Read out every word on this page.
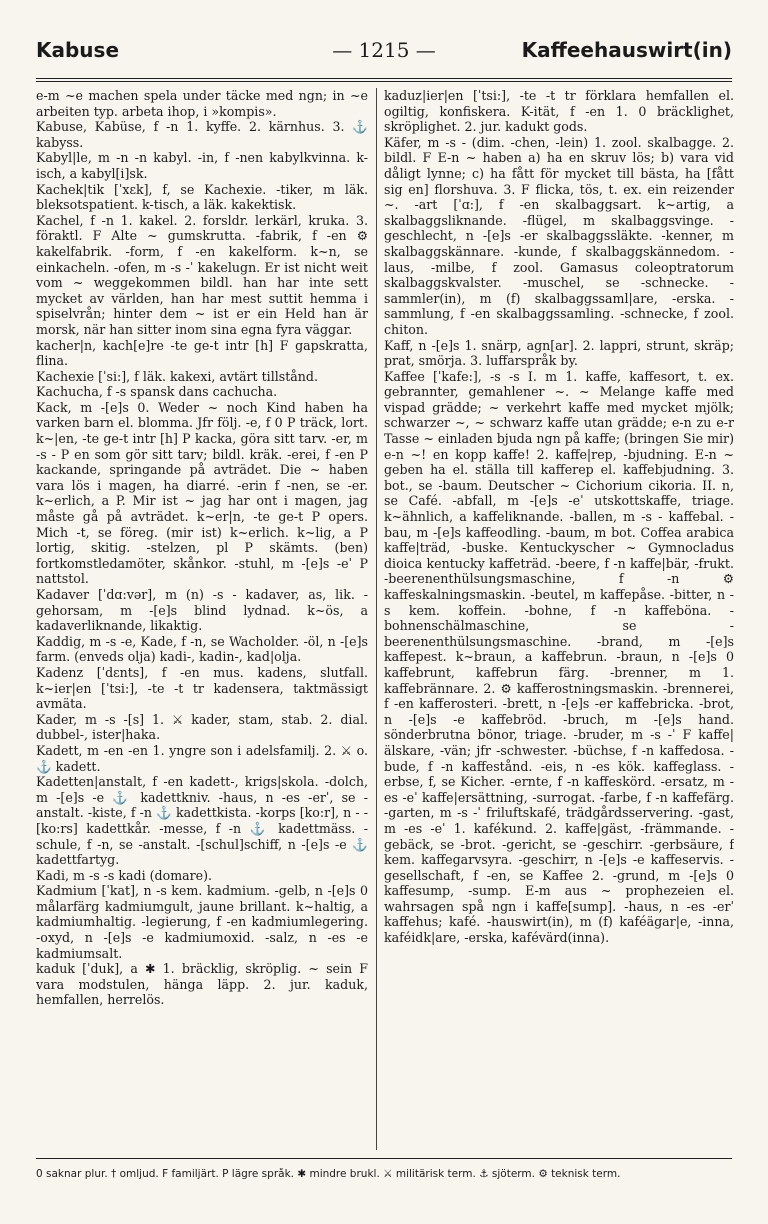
Kabuse	— 1215 —	Kaffeehauswirt(in)

e-m ~e machen spela under täcke med ngn; in ~e arbeiten typ. arbeta ihop, i »kompis».

Kabuse, Kabüse, f -n 1. kyffe. 2. kärnhus. 3. ⚓ kabyss.

Kabyl|le, m -n -n kabyl. -in, f -nen kabylkvinna. k-isch, a kabyl[i]sk.

Kachek|tik [ˈxɛk], f, se Kachexie. -tiker, m läk. bleksotspatient. k-tisch, a läk. kakektisk.

Kachel, f -n 1. kakel. 2. forsldr. lerkärl, kruka. 3. föraktl. F Alte ~ gumskrutta. -fabrik, f -en ⚙ kakelfabrik. -form, f -en kakelform. k~n, se einkacheln. -ofen, m -s -ˈ kakelugn. Er ist nicht weit vom ~ weggekommen bildl. han har inte sett mycket av världen, han har mest suttit hemma i spiselvrån; hinter dem ~ ist er ein Held han är morsk, när han sitter inom sina egna fyra väggar.

kacher|n, kach[e]re -te ge-t intr [h] F gapskratta, flina.

Kachexie [ˈsi:], f läk. kakexi, avtärt tillstånd.

Kachucha, f -s spansk dans cachucha.

Kack, m -[e]s 0. Weder ~ noch Kind haben ha varken barn el. blomma. Jfr följ. -e, f 0 P träck, lort. k~|en, -te ge-t intr [h] P kacka, göra sitt tarv. -er, m -s - P en som gör sitt tarv; bildl. kräk. -erei, f -en P kackande, springande på avträdet. Die ~ haben vara lös i magen, ha diarré. -erin f -nen, se -er. k~erlich, a P. Mir ist ~ jag har ont i magen, jag måste gå på avträdet. k~er|n, -te ge-t P opers. Mich -t, se föreg. (mir ist) k~erlich. k~lig, a P lortig, skitig. -stelzen, pl P skämts. (ben) fortkomstledamöter, skånkor. -stuhl, m -[e]s -eˈ P nattstol.

Kadaver [ˈdɑ:vər], m (n) -s - kadaver, as, lik. -gehorsam, m -[e]s blind lydnad. k~ös, a kadaverliknande, likaktig.

Kaddig, m -s -e, Kade, f -n, se Wacholder. -öl, n -[e]s farm. (enveds olja) kadi-, kadin-, kad|olja.

Kadenz [ˈdɛnts], f -en mus. kadens, slutfall. k~ier|en [ˈtsi:], -te -t tr kadensera, taktmässigt avmäta.

Kader, m -s -[s] 1. ⚔ kader, stam, stab. 2. dial. dubbel-, ister|haka.

Kadett, m -en -en 1. yngre son i adelsfamilj. 2. ⚔ o. ⚓ kadett.

Kadetten|anstalt, f -en kadett-, krigs|skola. -dolch, m -[e]s -e ⚓ kadettkniv. -haus, n -es -erˈ, se -anstalt. -kiste, f -n ⚓ kadettkista. -korps [ko:r], n - - [ko:rs] kadettkår. -messe, f -n ⚓ kadettmäss. -schule, f -n, se -anstalt. -[schul]schiff, n -[e]s -e ⚓ kadettfartyg.

Kadi, m -s -s kadi (domare).

Kadmium [ˈkat], n -s kem. kadmium. -gelb, n -[e]s 0 målarfärg kadmiumgult, jaune brillant. k~haltig, a kadmiumhaltig. -legierung, f -en kadmiumlegering. -oxyd, n -[e]s -e kadmiumoxid. -salz, n -es -e kadmiumsalt.

kaduk [ˈduk], a ✱ 1. bräcklig, skröplig. ~ sein F vara modstulen, hänga läpp. 2. jur. kaduk, hemfallen, herrelös.

kaduz|ier|en [ˈtsi:], -te -t tr förklara hemfallen el. ogiltig, konfiskera. K-ität, f -en 1. 0 bräcklighet, skröplighet. 2. jur. kadukt gods.

Käfer, m -s - (dim. -chen, -lein) 1. zool. skalbagge. 2. bildl. F E-n ~ haben a) ha en skruv lös; b) vara vid dåligt lynne; c) ha fått för mycket till bästa, ha [fått sig en] florshuva. 3. F flicka, tös, t. ex. ein reizender ~. -art [ˈɑ:], f -en skalbaggsart. k~artig, a skalbaggsliknande. -flügel, m skalbaggsvinge. -geschlecht, n -[e]s -er skalbaggssläkte. -kenner, m skalbaggskännare. -kunde, f skalbaggskännedom. -laus, -milbe, f zool. Gamasus coleoptratorum skalbaggskvalster. -muschel, se -schnecke. -sammler(in), m (f) skalbaggssaml|are, -erska. -sammlung, f -en skalbaggssamling. -schnecke, f zool. chiton.

Kaff, n -[e]s 1. snärp, agn[ar]. 2. lappri, strunt, skräp; prat, smörja. 3. luffarspråk by.

Kaffee [ˈkafe:], -s -s I. m 1. kaffe, kaffesort, t. ex. gebrannter, gemahlener ~. ~ Melange kaffe med vispad grädde; ~ verkehrt kaffe med mycket mjölk; schwarzer ~, ~ schwarz kaffe utan grädde; e-n zu e-r Tasse ~ einladen bjuda ngn på kaffe; (bringen Sie mir) e-n ~! en kopp kaffe! 2. kaffe|rep, -bjudning. E-n ~ geben ha el. ställa till kafferep el. kaffebjudning. 3. bot., se -baum. Deutscher ~ Cichorium cikoria. II. n, se Café. -abfall, m -[e]s -eˈ utskottskaffe, triage. k~ähnlich, a kaffeliknande. -ballen, m -s - kaffebal. -bau, m -[e]s kaffeodling. -baum, m bot. Coffea arabica kaffe|träd, -buske. Kentuckyscher ~ Gymnocladus dioica kentucky kaffeträd. -beere, f -n kaffe|bär, -frukt. -beerenenthülsungsmaschine, f -n ⚙ kaffeskalningsmaskin. -beutel, m kaffepåse. -bitter, n -s kem. koffein. -bohne, f -n kaffeböna. -bohnenschälmaschine, se -beerenenthülsungsmaschine. -brand, m -[e]s kaffepest. k~braun, a kaffebrun. -braun, n -[e]s 0 kaffebrunt, kaffebrun färg. -brenner, m 1. kaffebrännare. 2. ⚙ kafferostningsmaskin. -brennerei, f -en kafferosteri. -brett, n -[e]s -er kaffebricka. -brot, n -[e]s -e kaffebröd. -bruch, m -[e]s hand. sönderbrutna bönor, triage. -bruder, m -s -ˈ F kaffe|älskare, -vän; jfr -schwester. -büchse, f -n kaffedosa. -bude, f -n kaffestånd. -eis, n -es kök. kaffeglass. -erbse, f, se Kicher. -ernte, f -n kaffeskörd. -ersatz, m -es -eˈ kaffe|ersättning, -surrogat. -farbe, f -n kaffefärg. -garten, m -s -ˈ friluftskafé, trädgårdsservering. -gast, m -es -eˈ 1. kafékund. 2. kaffe|gäst, -främmande. -gebäck, se -brot. -gericht, se -geschirr. -gerbsäure, f kem. kaffegarvsyra. -geschirr, n -[e]s -e kaffeservis. -gesellschaft, f -en, se Kaffee 2. -grund, m -[e]s 0 kaffesump, -sump. E-m aus ~ prophezeien el. wahrsagen spå ngn i kaffe[sump]. -haus, n -es -erˈ kaffehus; kafé. -hauswirt(in), m (f) kaféägar|e, -inna, kaféidk|are, -erska, kafévärd(inna).

0 saknar plur. † omljud. F familjärt. P lägre språk. ✱ mindre brukl. ⚔ militärisk term. ⚓ sjöterm. ⚙ teknisk term.
